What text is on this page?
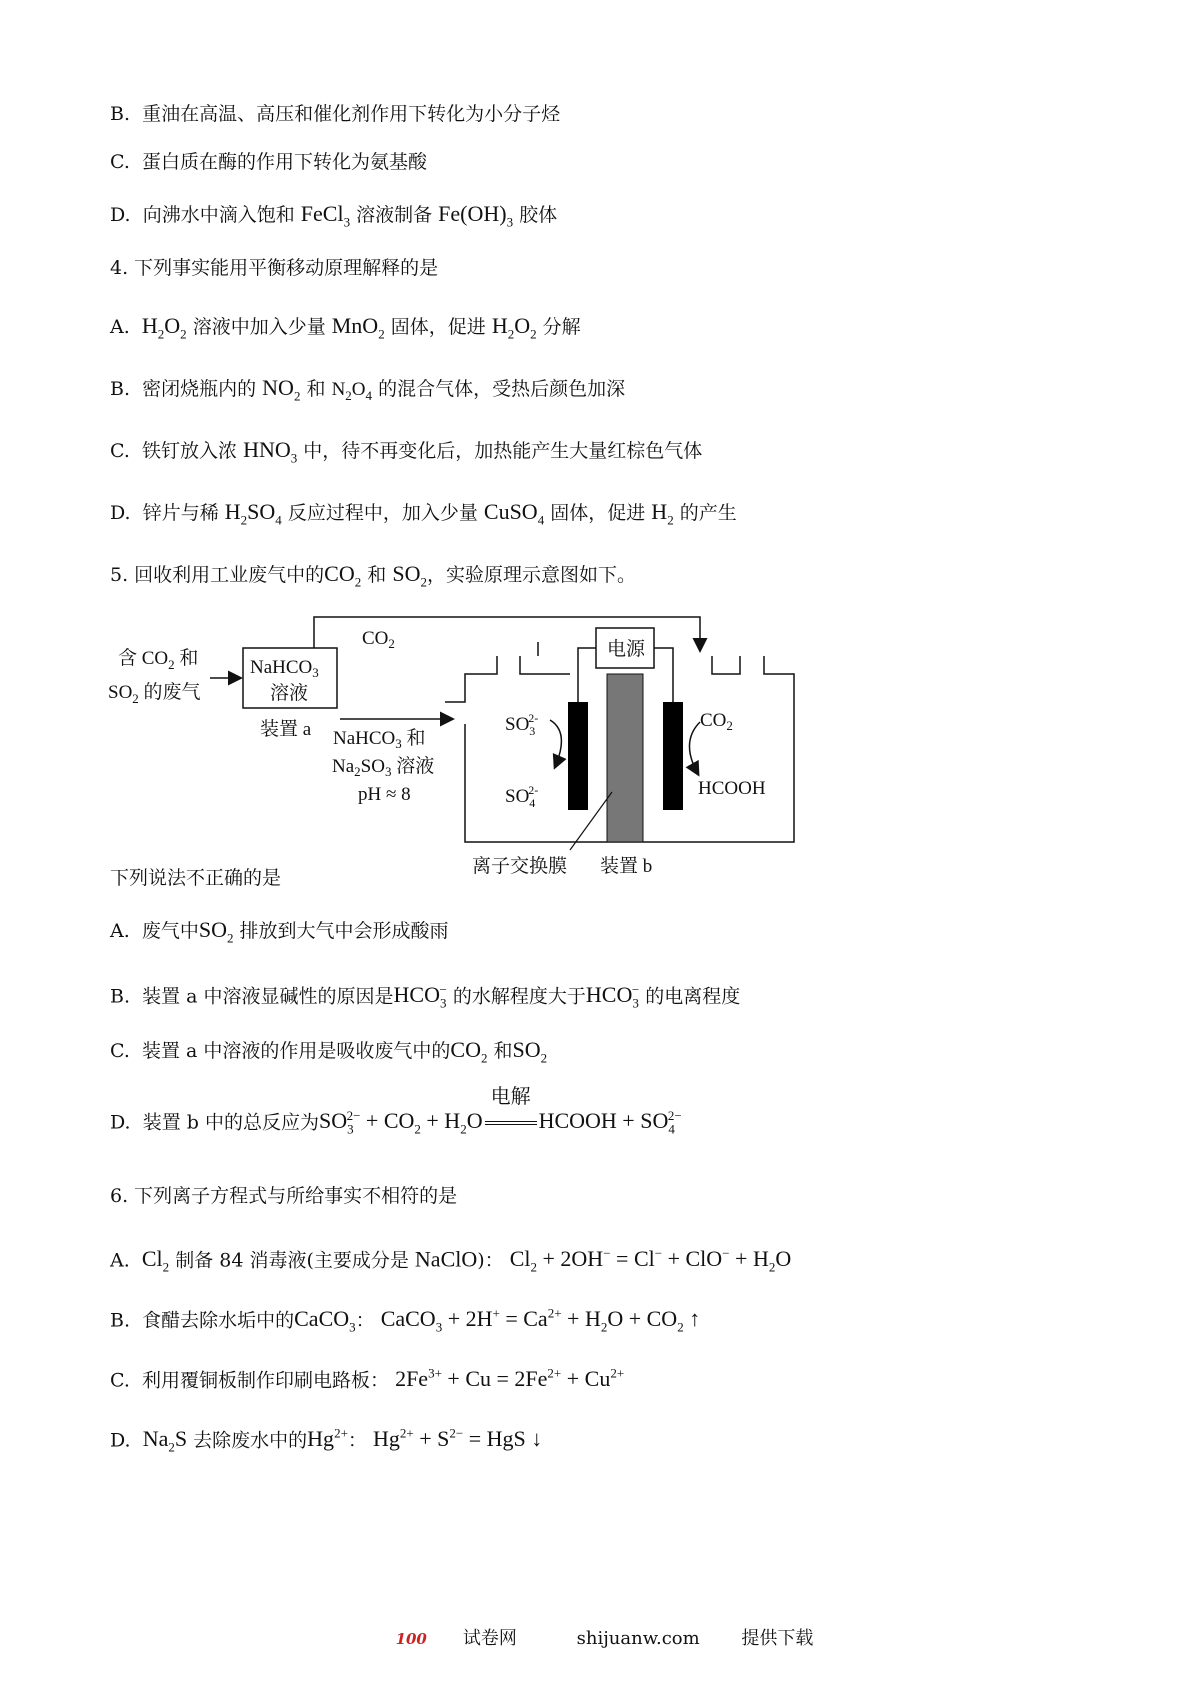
B. 重油在高温、高压和催化剂作用下转化为小分子烃
C. 蛋白质在酶的作用下转化为氨基酸
D. 向沸水中滴入饱和 FeCl$_3$ 溶液制备 $Fe(OH)_3$ 胶体
4. 下列事实能用平衡移动原理解释的是
A. $H_2O_2$ 溶液中加入少量 MnO$_2$ 固体，促进 $H_2O_2$ 分解
B. 密闭烧瓶内的 $NO_2$ 和 $N_2O_4$ 的混合气体，受热后颜色加深
C. 铁钉放入浓 $HNO_3$ 中，待不再变化后，加热能产生大量红棕色气体
D. 锌片与稀 $H_2SO_4$ 反应过程中，加入少量 CuSO$_4$ 固体，促进 $H_2$ 的产生
5. 回收利用工业废气中的$CO_2$ 和 $SO_2$，实验原理示意图如下。
含 $CO_2$ 和
$SO_2$ 的废气
NaHCO$_3$
溶液
装置 a
$CO_2$
NaHCO$_3$ 和
$Na_2SO_3$ 溶液
pH ≈ 8
电源
$SO_32-$
$SO_42-$
$CO_2$
HCOOH
离子交换膜 装置 b
下列说法不正确的是
A. 废气中$SO_2$ 排放到大气中会形成酸雨
B. 装置 a 中溶液显碱性的原因是$HCO_3^-$ 的水解程度大于$HCO_3^-$ 的电离程度
C. 装置 a 中溶液的作用是吸收废气中的$CO_2$ 和$SO_2$
D. 装置 b 中的总反应为$SO_3^{2-} + CO_2 + H_2O$
电解
HCOOH + $SO_4^{2-}$
6. 下列离子方程式与所给事实不相符的是
A. $Cl_2$ 制备 84 消毒液(主要成分是 NaClO)： $Cl_2 + 2OH^- = Cl^- + ClO^- + H_2O$
B. 食醋去除水垢中的CaCO$_3$： CaCO$_3$ + $2H^+ = Ca^{2+} + H_2O + CO_2$ ↑
C. 利用覆铜板制作印刷电路板： $2Fe^{3+} + Cu = 2Fe^{2+} + Cu^{2+}$
D. $Na_2S$ 去除废水中的$Hg^{2+}$： $Hg^{2+} + S^{2-}$ = HgS ↓
100 试卷网	shijuanw.com 提供下载
